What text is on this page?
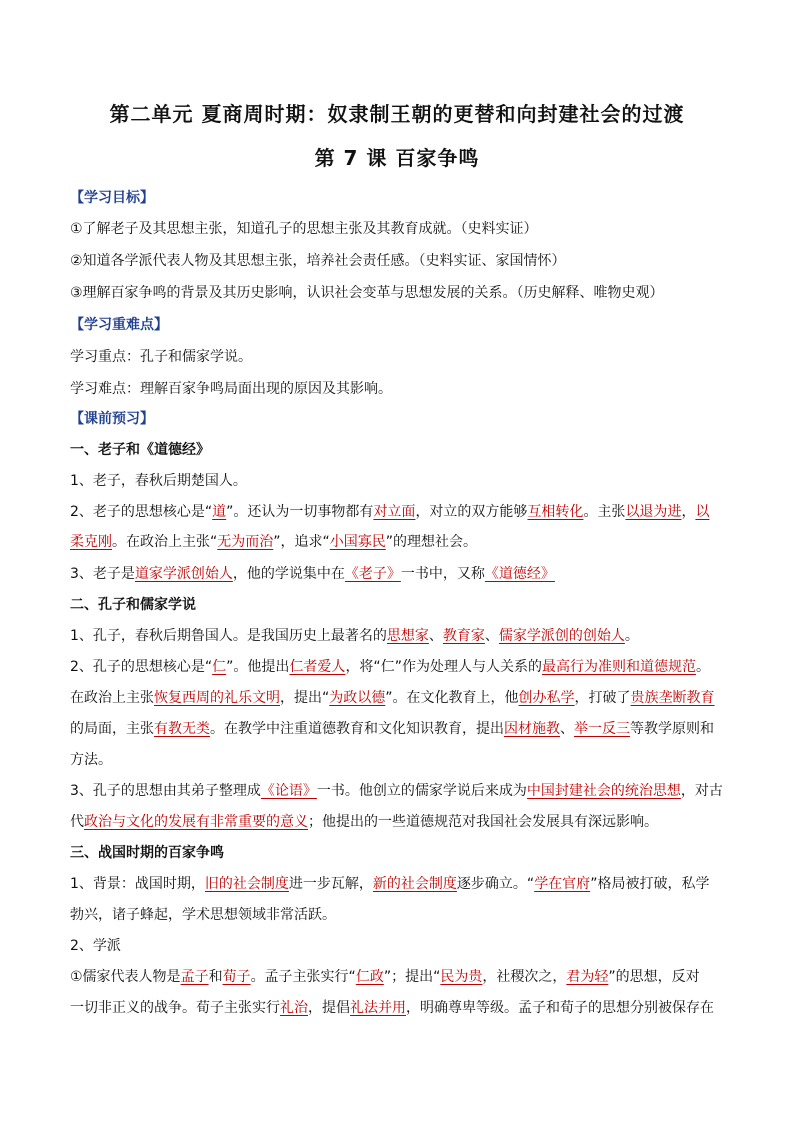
第二单元 夏商周时期：奴隶制王朝的更替和向封建社会的过渡
第 7 课 百家争鸣
【学习目标】
①了解老子及其思想主张，知道孔子的思想主张及其教育成就。（史料实证）
②知道各学派代表人物及其思想主张，培养社会责任感。（史料实证、家国情怀）
③理解百家争鸣的背景及其历史影响，认识社会变革与思想发展的关系。（历史解释、唯物史观）
【学习重难点】
学习重点：孔子和儒家学说。
学习难点：理解百家争鸣局面出现的原因及其影响。
【课前预习】
一、老子和《道德经》
1、老子，春秋后期楚国人。
2、老子的思想核心是“道”。还认为一切事物都有对立面，对立的双方能够互相转化。主张以退为进，以
柔克刚。在政治上主张“无为而治”，追求“小国寡民”的理想社会。
3、老子是道家学派创始人，他的学说集中在《老子》一书中，又称《道德经》
二、孔子和儒家学说
1、孔子，春秋后期鲁国人。是我国历史上最著名的思想家、教育家、儒家学派创的创始人。
2、孔子的思想核心是“仁”。他提出仁者爱人，将“仁”作为处理人与人关系的最高行为准则和道德规范。
在政治上主张恢复西周的礼乐文明，提出“为政以德”。在文化教育上，他创办私学，打破了贵族垄断教育
的局面，主张有教无类。在教学中注重道德教育和文化知识教育，提出因材施教、举一反三等教学原则和
方法。
3、孔子的思想由其弟子整理成《论语》一书。他创立的儒家学说后来成为中国封建社会的统治思想，对古
代政治与文化的发展有非常重要的意义；他提出的一些道德规范对我国社会发展具有深远影响。
三、战国时期的百家争鸣
1、背景：战国时期，旧的社会制度进一步瓦解，新的社会制度逐步确立。“学在官府”格局被打破，私学
勃兴，诸子蜂起，学术思想领域非常活跃。
2、学派
①儒家代表人物是孟子和荀子。孟子主张实行“仁政”；提出“民为贵，社稷次之，君为轻”的思想，反对
一切非正义的战争。荀子主张实行礼治，提倡礼法并用，明确尊卑等级。孟子和荀子的思想分别被保存在
